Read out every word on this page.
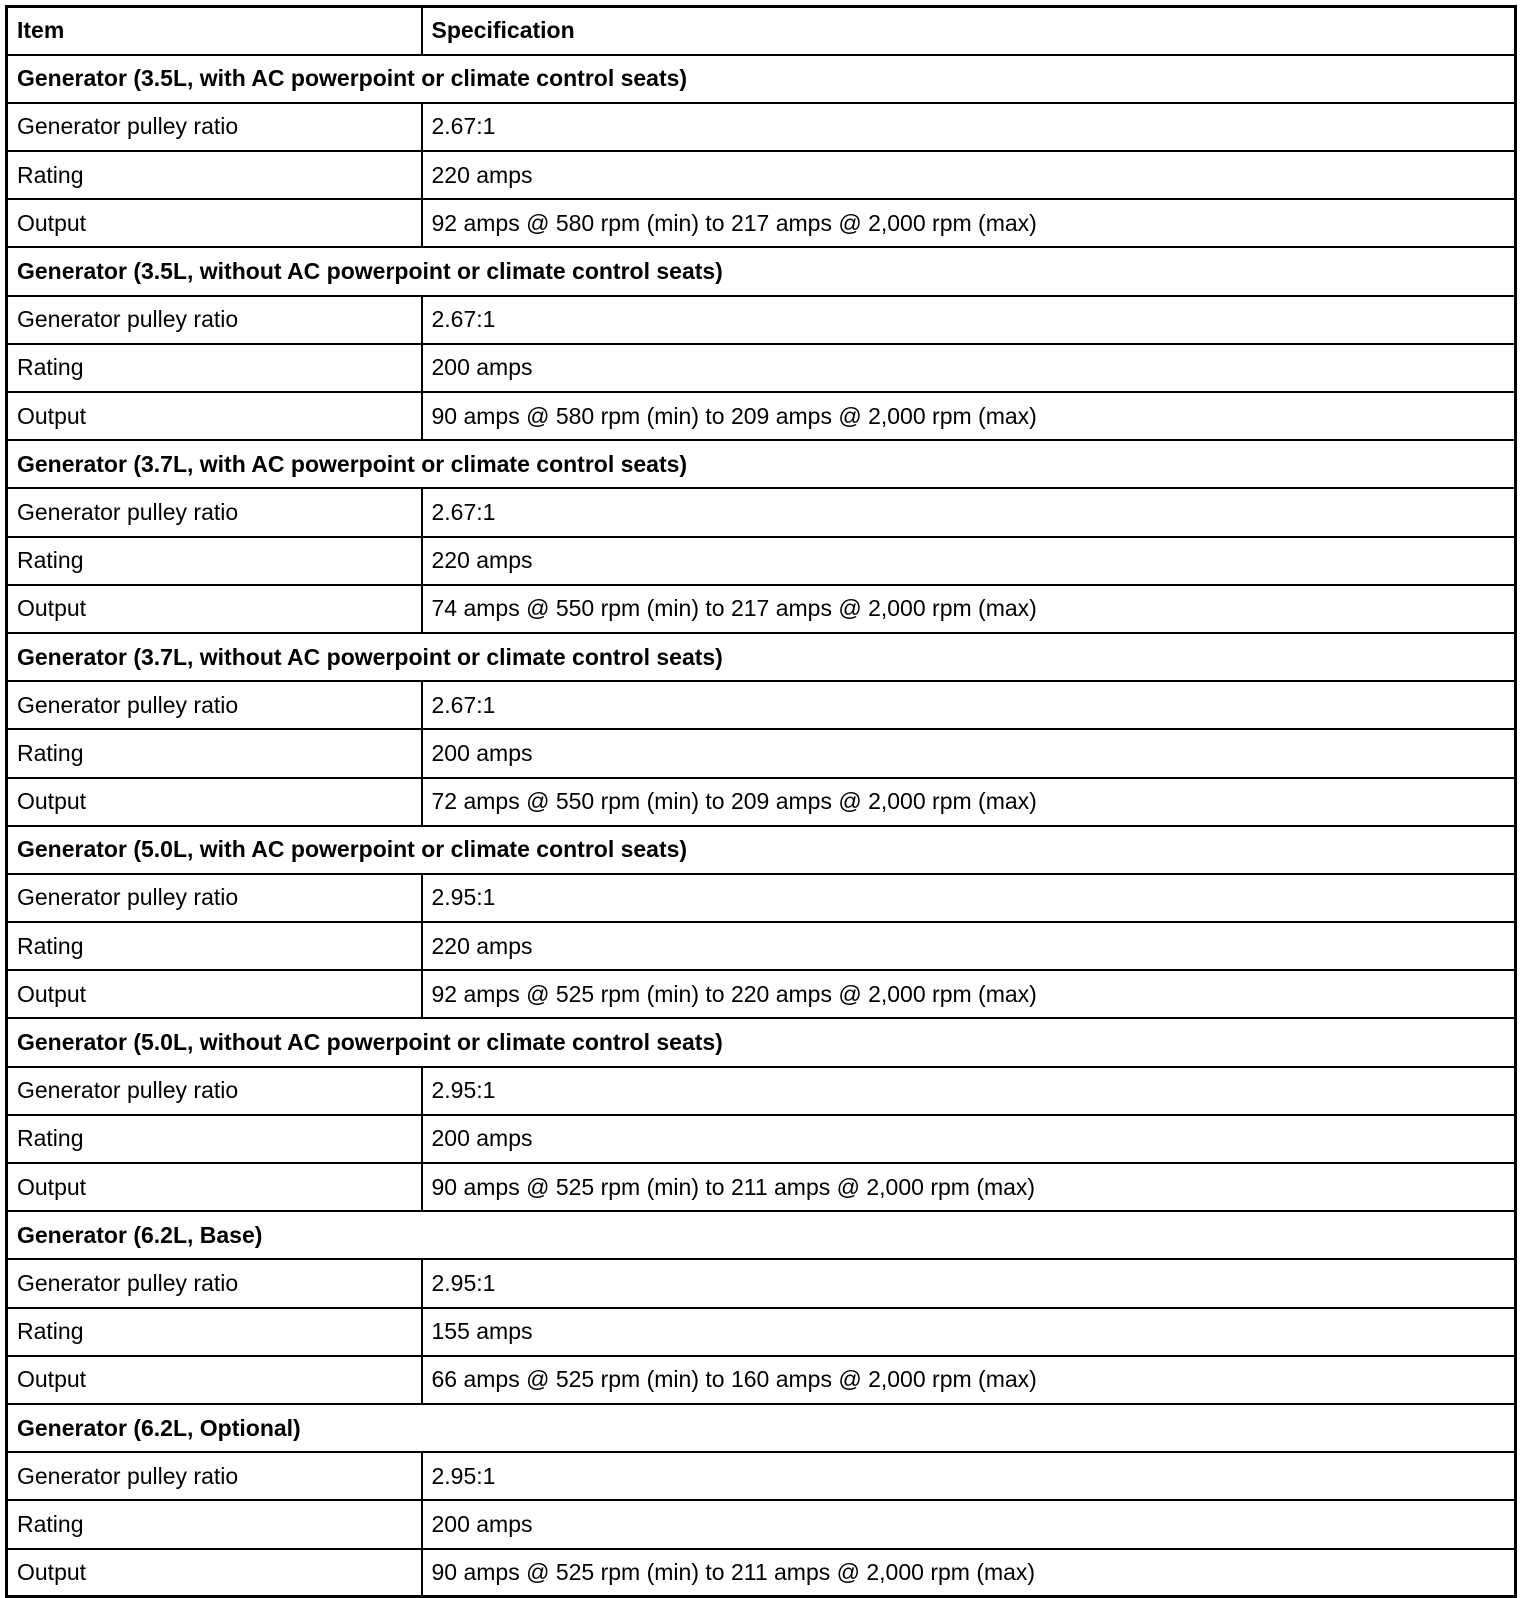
Item	Specification
Generator (3.5L, with AC powerpoint or climate control seats)	
Generator pulley ratio	2.67:1
Rating	220 amps
Output	92 amps @ 580 rpm (min) to 217 amps @ 2,000 rpm (max)
Generator (3.5L, without AC powerpoint or climate control seats)	
Generator pulley ratio	2.67:1
Rating	200 amps
Output	90 amps @ 580 rpm (min) to 209 amps @ 2,000 rpm (max)
Generator (3.7L, with AC powerpoint or climate control seats)	
Generator pulley ratio	2.67:1
Rating	220 amps
Output	74 amps @ 550 rpm (min) to 217 amps @ 2,000 rpm (max)
Generator (3.7L, without AC powerpoint or climate control seats)	
Generator pulley ratio	2.67:1
Rating	200 amps
Output	72 amps @ 550 rpm (min) to 209 amps @ 2,000 rpm (max)
Generator (5.0L, with AC powerpoint or climate control seats)	
Generator pulley ratio	2.95:1
Rating	220 amps
Output	92 amps @ 525 rpm (min) to 220 amps @ 2,000 rpm (max)
Generator (5.0L, without AC powerpoint or climate control seats)	
Generator pulley ratio	2.95:1
Rating	200 amps
Output	90 amps @ 525 rpm (min) to 211 amps @ 2,000 rpm (max)
Generator (6.2L, Base)	
Generator pulley ratio	2.95:1
Rating	155 amps
Output	66 amps @ 525 rpm (min) to 160 amps @ 2,000 rpm (max)
Generator (6.2L, Optional)	
Generator pulley ratio	2.95:1
Rating	200 amps
Output	90 amps @ 525 rpm (min) to 211 amps @ 2,000 rpm (max)
